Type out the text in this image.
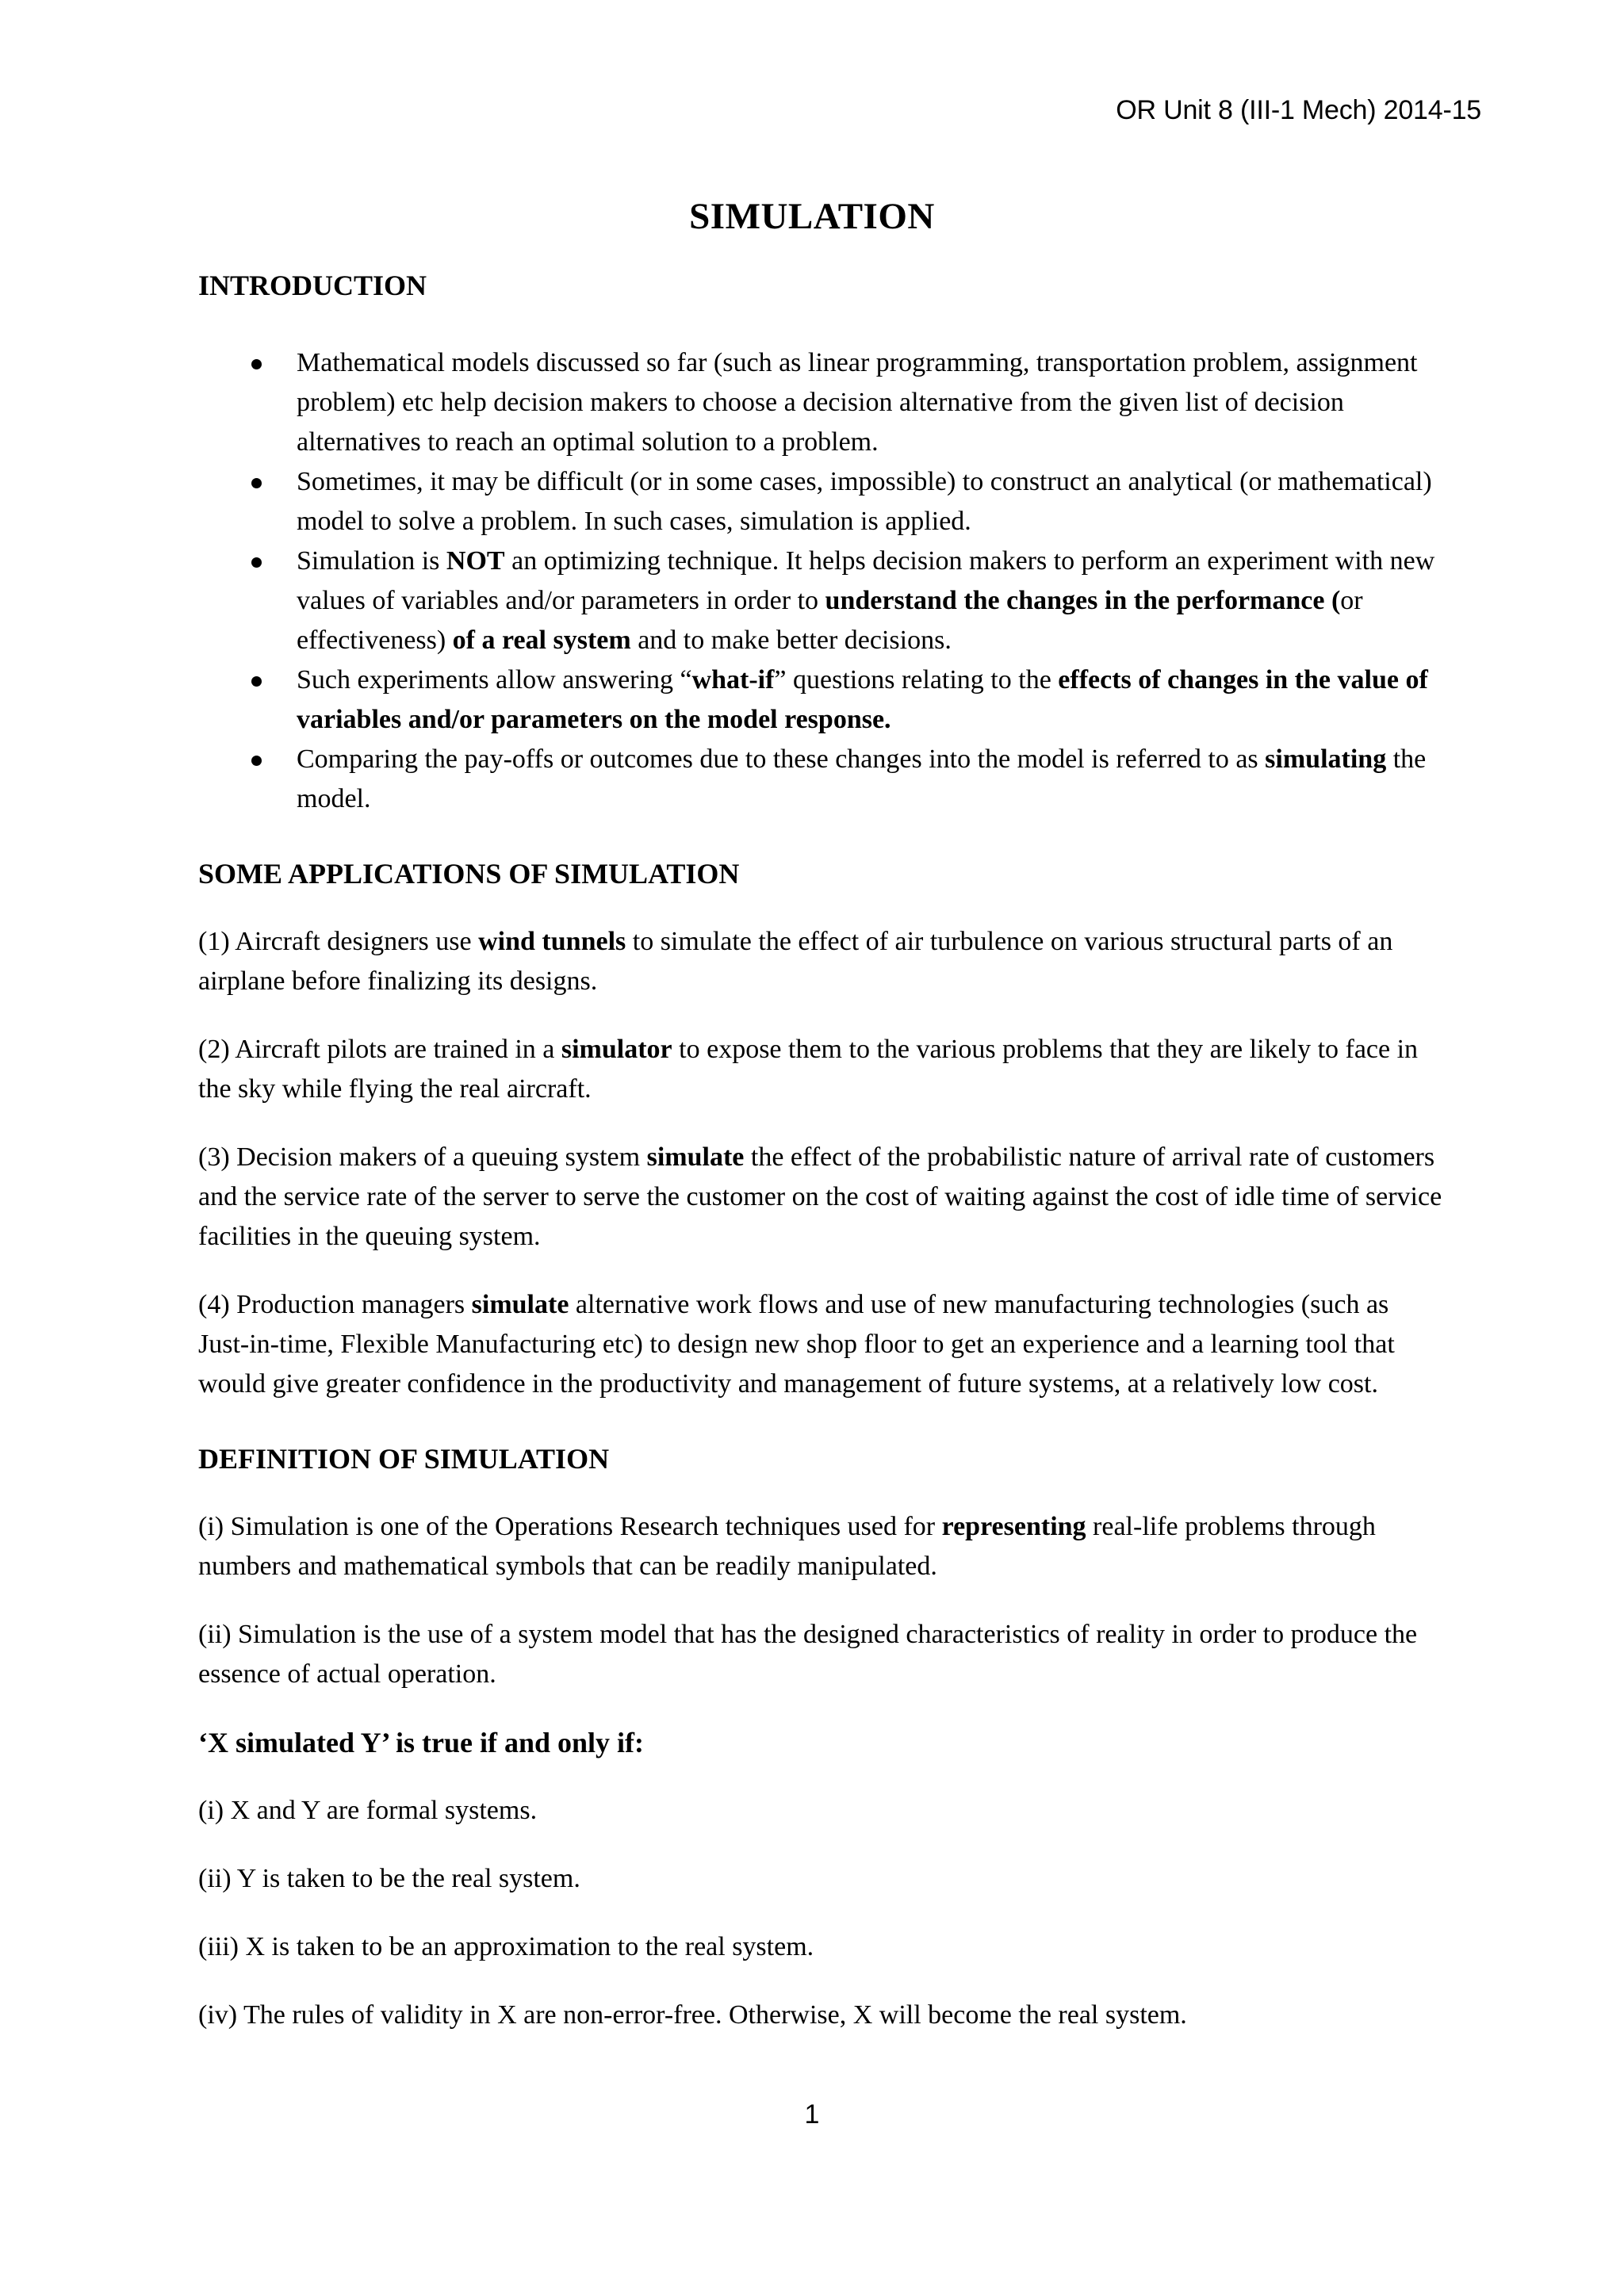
OR Unit 8 (III-1 Mech) 2014-15
SIMULATION

INTRODUCTION

Mathematical models discussed so far (such as linear programming, transportation problem, assignment problem) etc help decision makers to choose a decision alternative from the given list of decision alternatives to reach an optimal solution to a problem.
Sometimes, it may be difficult (or in some cases, impossible) to construct an analytical (or mathematical) model to solve a problem. In such cases, simulation is applied.
Simulation is NOT an optimizing technique. It helps decision makers to perform an experiment with new values of variables and/or parameters in order to understand the changes in the performance (or effectiveness) of a real system and to make better decisions.
Such experiments allow answering “what-if” questions relating to the effects of changes in the value of variables and/or parameters on the model response.
Comparing the pay-offs or outcomes due to these changes into the model is referred to as simulating the model.

SOME APPLICATIONS OF SIMULATION

(1) Aircraft designers use wind tunnels to simulate the effect of air turbulence on various structural parts of an airplane before finalizing its designs.

(2) Aircraft pilots are trained in a simulator to expose them to the various problems that they are likely to face in the sky while flying the real aircraft.

(3) Decision makers of a queuing system simulate the effect of the probabilistic nature of arrival rate of customers and the service rate of the server to serve the customer on the cost of waiting against the cost of idle time of service facilities in the queuing system.

(4) Production managers simulate alternative work flows and use of new manufacturing technologies (such as Just-in-time, Flexible Manufacturing etc) to design new shop floor to get an experience and a learning tool that would give greater confidence in the productivity and management of future systems, at a relatively low cost.

DEFINITION OF SIMULATION

(i) Simulation is one of the Operations Research techniques used for representing real-life problems through numbers and mathematical symbols that can be readily manipulated.

(ii) Simulation is the use of a system model that has the designed characteristics of reality in order to produce the essence of actual operation.

‘X simulated Y’ is true if and only if:

(i) X and Y are formal systems.

(ii) Y is taken to be the real system.

(iii) X is taken to be an approximation to the real system.

(iv) The rules of validity in X are non-error-free. Otherwise, X will become the real system.

1
